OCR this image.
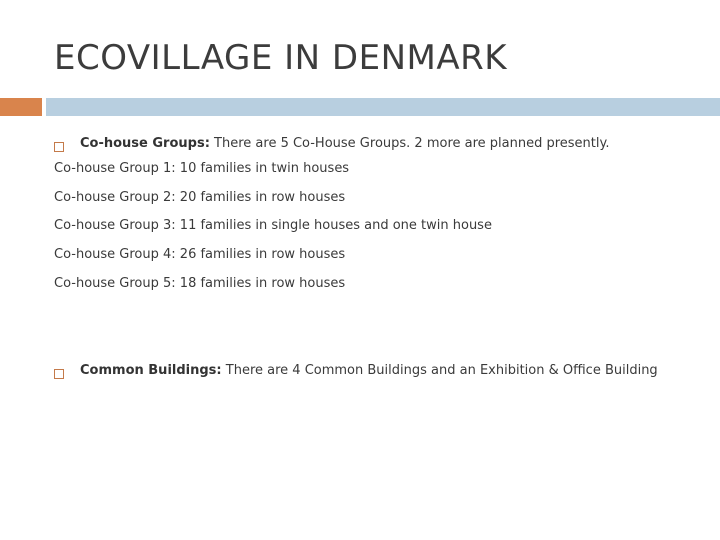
ECOVILLAGE IN DENMARK
Co-house Groups: There are 5 Co-House Groups. 2 more are planned presently.
Co-house Group 1: 10 families in twin houses
Co-house Group 2: 20 families in row houses
Co-house Group 3: 11 families in single houses and one twin house
Co-house Group 4: 26 families in row houses
Co-house Group 5: 18 families in row houses
Common Buildings: There are 4 Common Buildings and an Exhibition & Office Building
